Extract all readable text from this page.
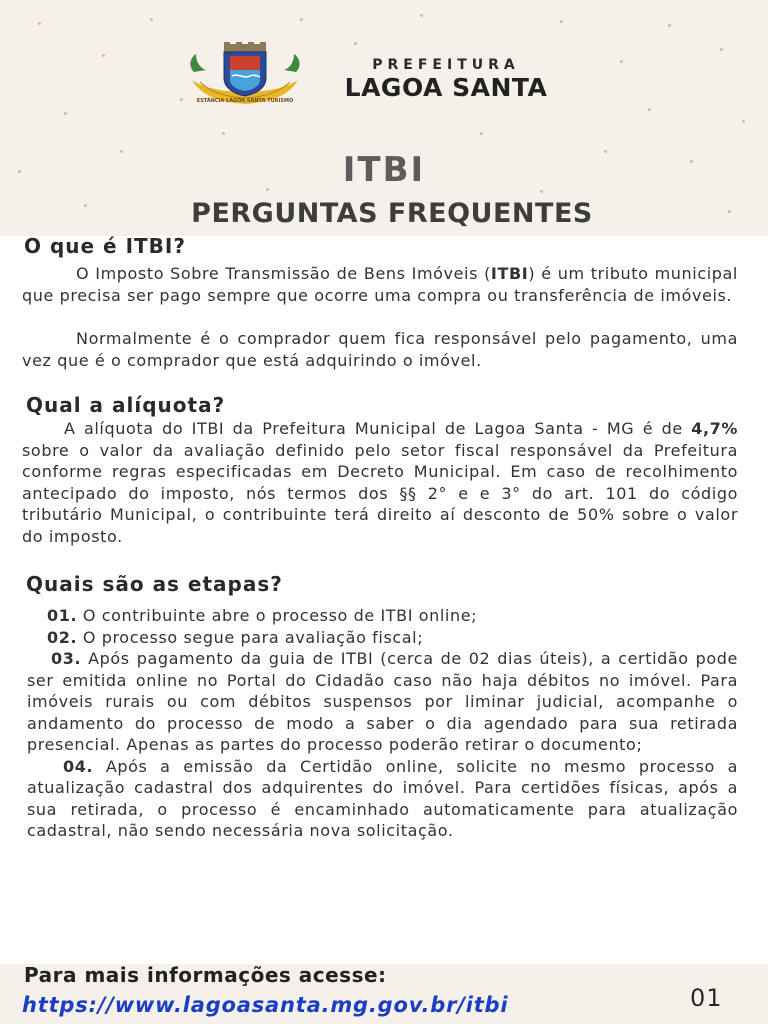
ESTÂNCIA LAGOA SANTA TURISMO
PREFEITURA
LAGOA SANTA
ITBI
PERGUNTAS FREQUENTES
O que é ITBI?
O Imposto Sobre Transmissão de Bens Imóveis (ITBI) é um tributo municipal que precisa ser pago sempre que ocorre uma compra ou transferência de imóveis.
Normalmente é o comprador quem fica responsável pelo pagamento, uma vez que é o comprador que está adquirindo o imóvel.
Qual a alíquota?
A alíquota do ITBI da Prefeitura Municipal de Lagoa Santa - MG é de 4,7% sobre o valor da avaliação definido pelo setor fiscal responsável da Prefeitura conforme regras especificadas em Decreto Municipal. Em caso de recolhimento antecipado do imposto, nós termos dos §§ 2° e e 3° do art. 101 do código tributário Municipal, o contribuinte terá direito aí desconto de 50% sobre o valor do imposto.
Quais são as etapas?

01. O contribuinte abre o processo de ITBI online;

02. O processo segue para avaliação fiscal;

03. Após pagamento da guia de ITBI (cerca de 02 dias úteis), a certidão pode ser emitida online no Portal do Cidadão caso não haja débitos no imóvel. Para imóveis rurais ou com débitos suspensos por liminar judicial, acompanhe o andamento do processo de modo a saber o dia agendado para sua retirada presencial. Apenas as partes do processo poderão retirar o documento;

04. Após a emissão da Certidão online, solicite no mesmo processo a atualização cadastral dos adquirentes do imóvel. Para certidões físicas, após a sua retirada, o processo é encaminhado automaticamente para atualização cadastral, não sendo necessária nova solicitação.

Para mais informações acesse:
https://www.lagoasanta.mg.gov.br/itbi	01
